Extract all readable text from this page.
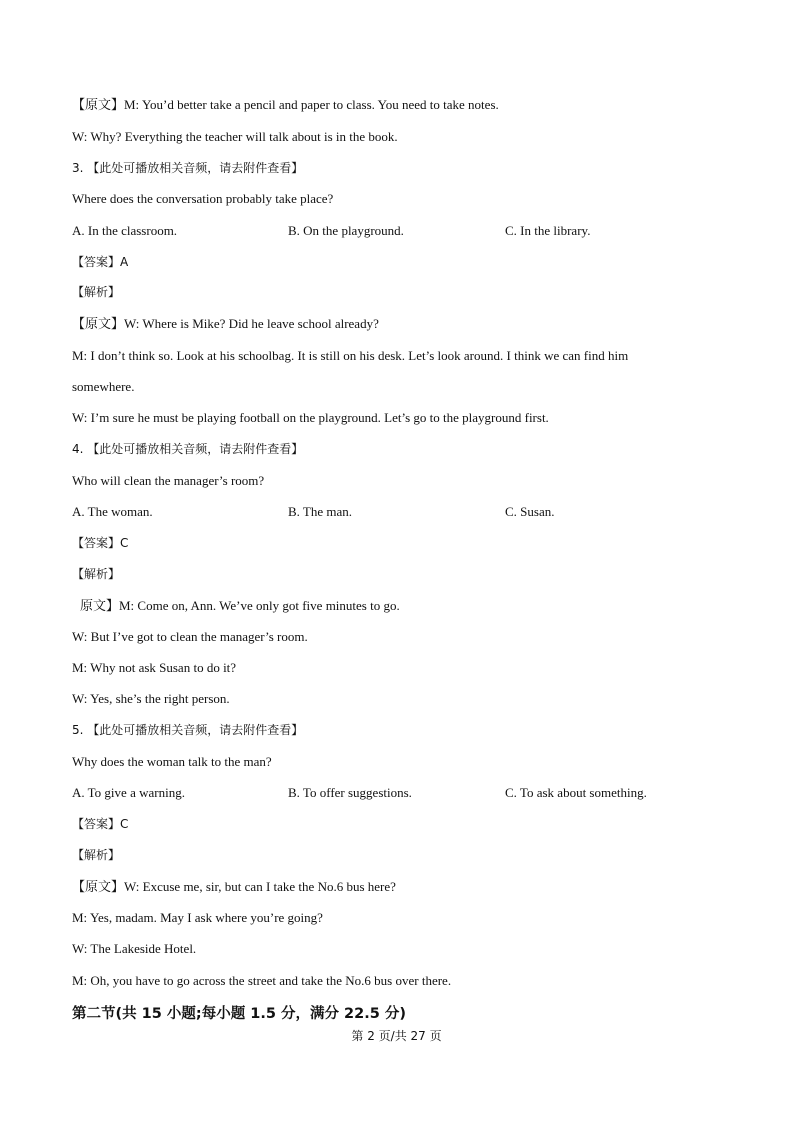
【原文】M: You’d better take a pencil and paper to class. You need to take notes.
W: Why? Everything the teacher will talk about is in the book.
3. 【此处可播放相关音频，请去附件查看】
Where does the conversation probably take place?
A. In the classroom.	B. On the playground.	C. In the library.
【答案】A
【解析】
【原文】W: Where is Mike? Did he leave school already?
M: I don’t think so. Look at his schoolbag. It is still on his desk. Let’s look around. I think we can find him
somewhere.
W: I’m sure he must be playing football on the playground. Let’s go to the playground first.
4. 【此处可播放相关音频，请去附件查看】
Who will clean the manager’s room?
A. The woman.	B. The man.	C. Susan.
【答案】C
【解析】
原文】M: Come on, Ann. We’ve only got five minutes to go.
W: But I’ve got to clean the manager’s room.
M: Why not ask Susan to do it?
W: Yes, she’s the right person.
5. 【此处可播放相关音频，请去附件查看】
Why does the woman talk to the man?
A. To give a warning.	B. To offer suggestions.	C. To ask about something.
【答案】C
【解析】
【原文】W: Excuse me, sir, but can I take the No.6 bus here?
M: Yes, madam. May I ask where you’re going?
W: The Lakeside Hotel.
M: Oh, you have to go across the street and take the No.6 bus over there.
第二节(共 15 小题;每小题 1.5 分，满分 22.5 分)
第 2 页/共 27 页
